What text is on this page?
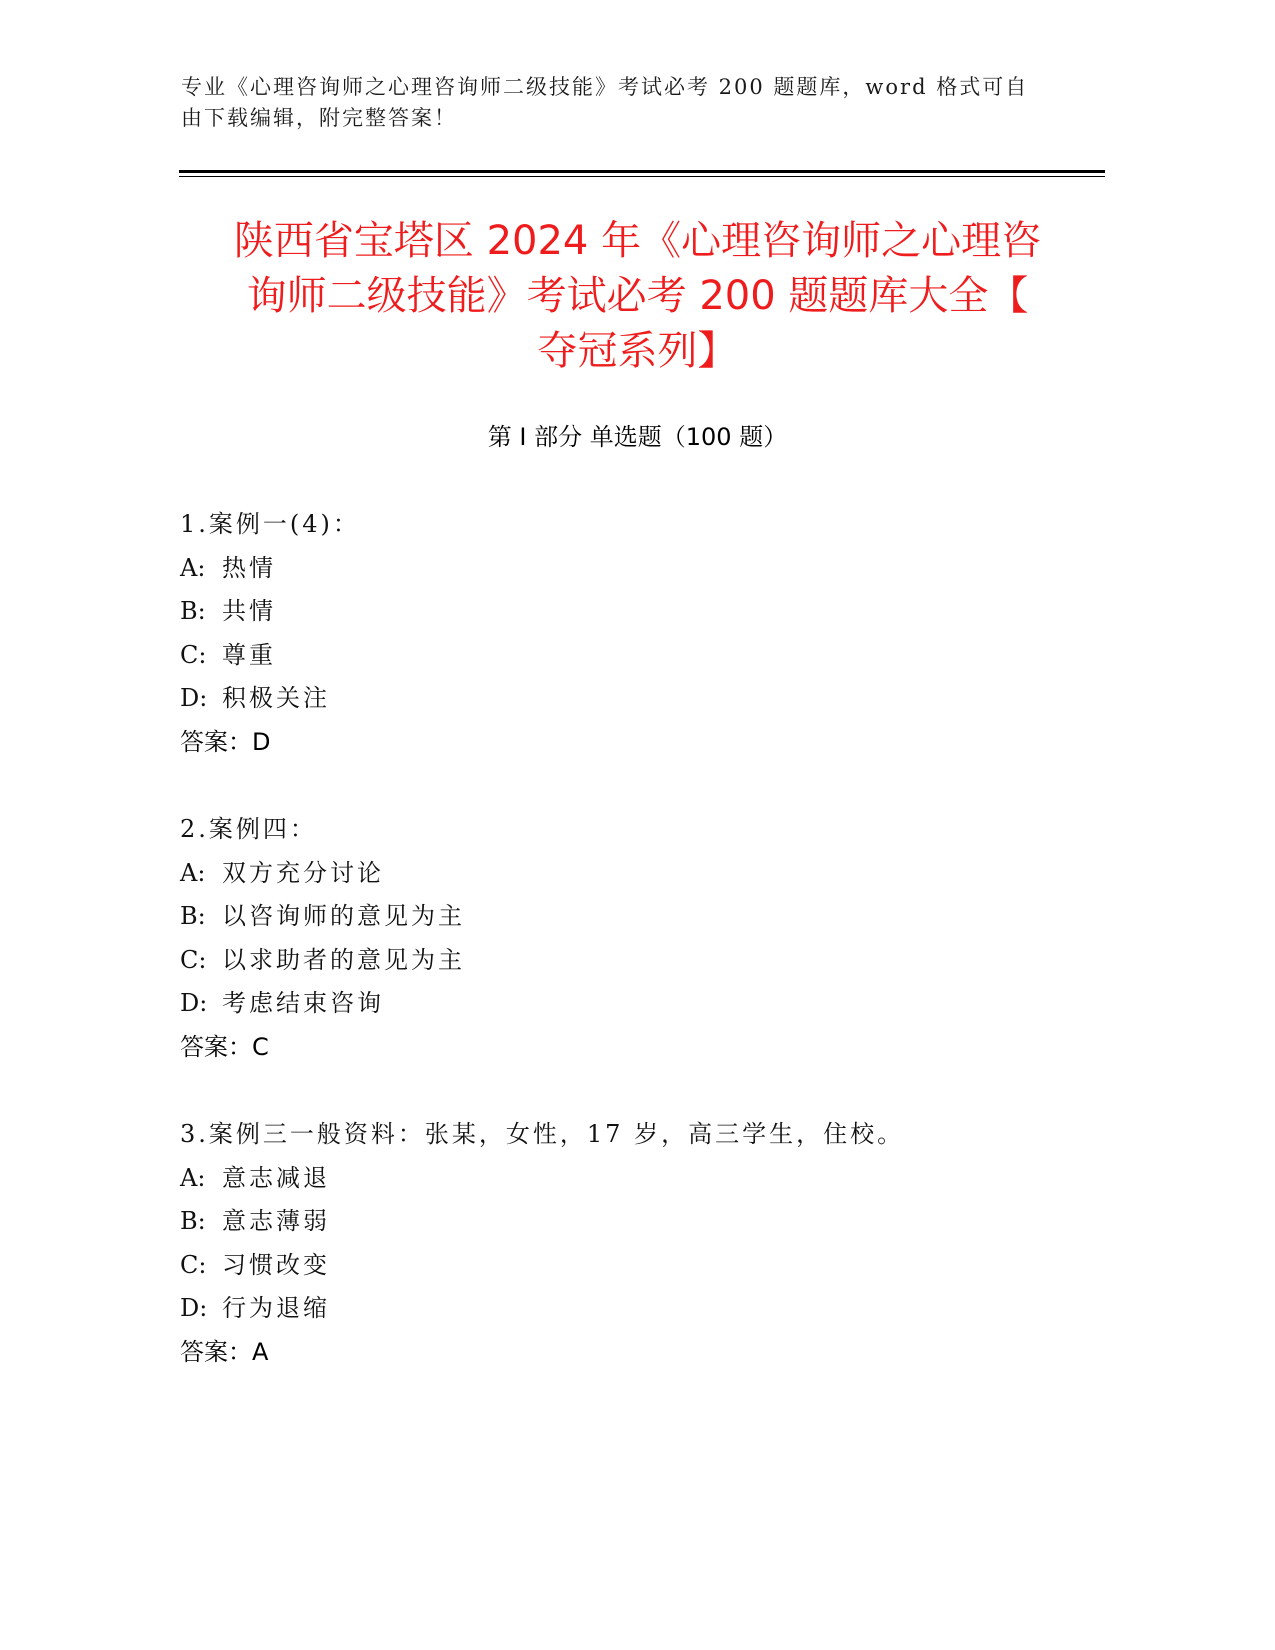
专业《心理咨询师之心理咨询师二级技能》考试必考 200 题题库，word 格式可自由下载编辑，附完整答案！
陕西省宝塔区 2024 年《心理咨询师之心理咨
询师二级技能》考试必考 200 题题库大全【
夺冠系列】
第 I 部分 单选题（100 题）
1.案例一(4)：
A: 热情
B: 共情
C: 尊重
D: 积极关注
答案：D
2.案例四：
A: 双方充分讨论
B: 以咨询师的意见为主
C: 以求助者的意见为主
D: 考虑结束咨询
答案：C
3.案例三一般资料：张某，女性，17 岁，高三学生，住校。
A: 意志减退
B: 意志薄弱
C: 习惯改变
D: 行为退缩
答案：A
